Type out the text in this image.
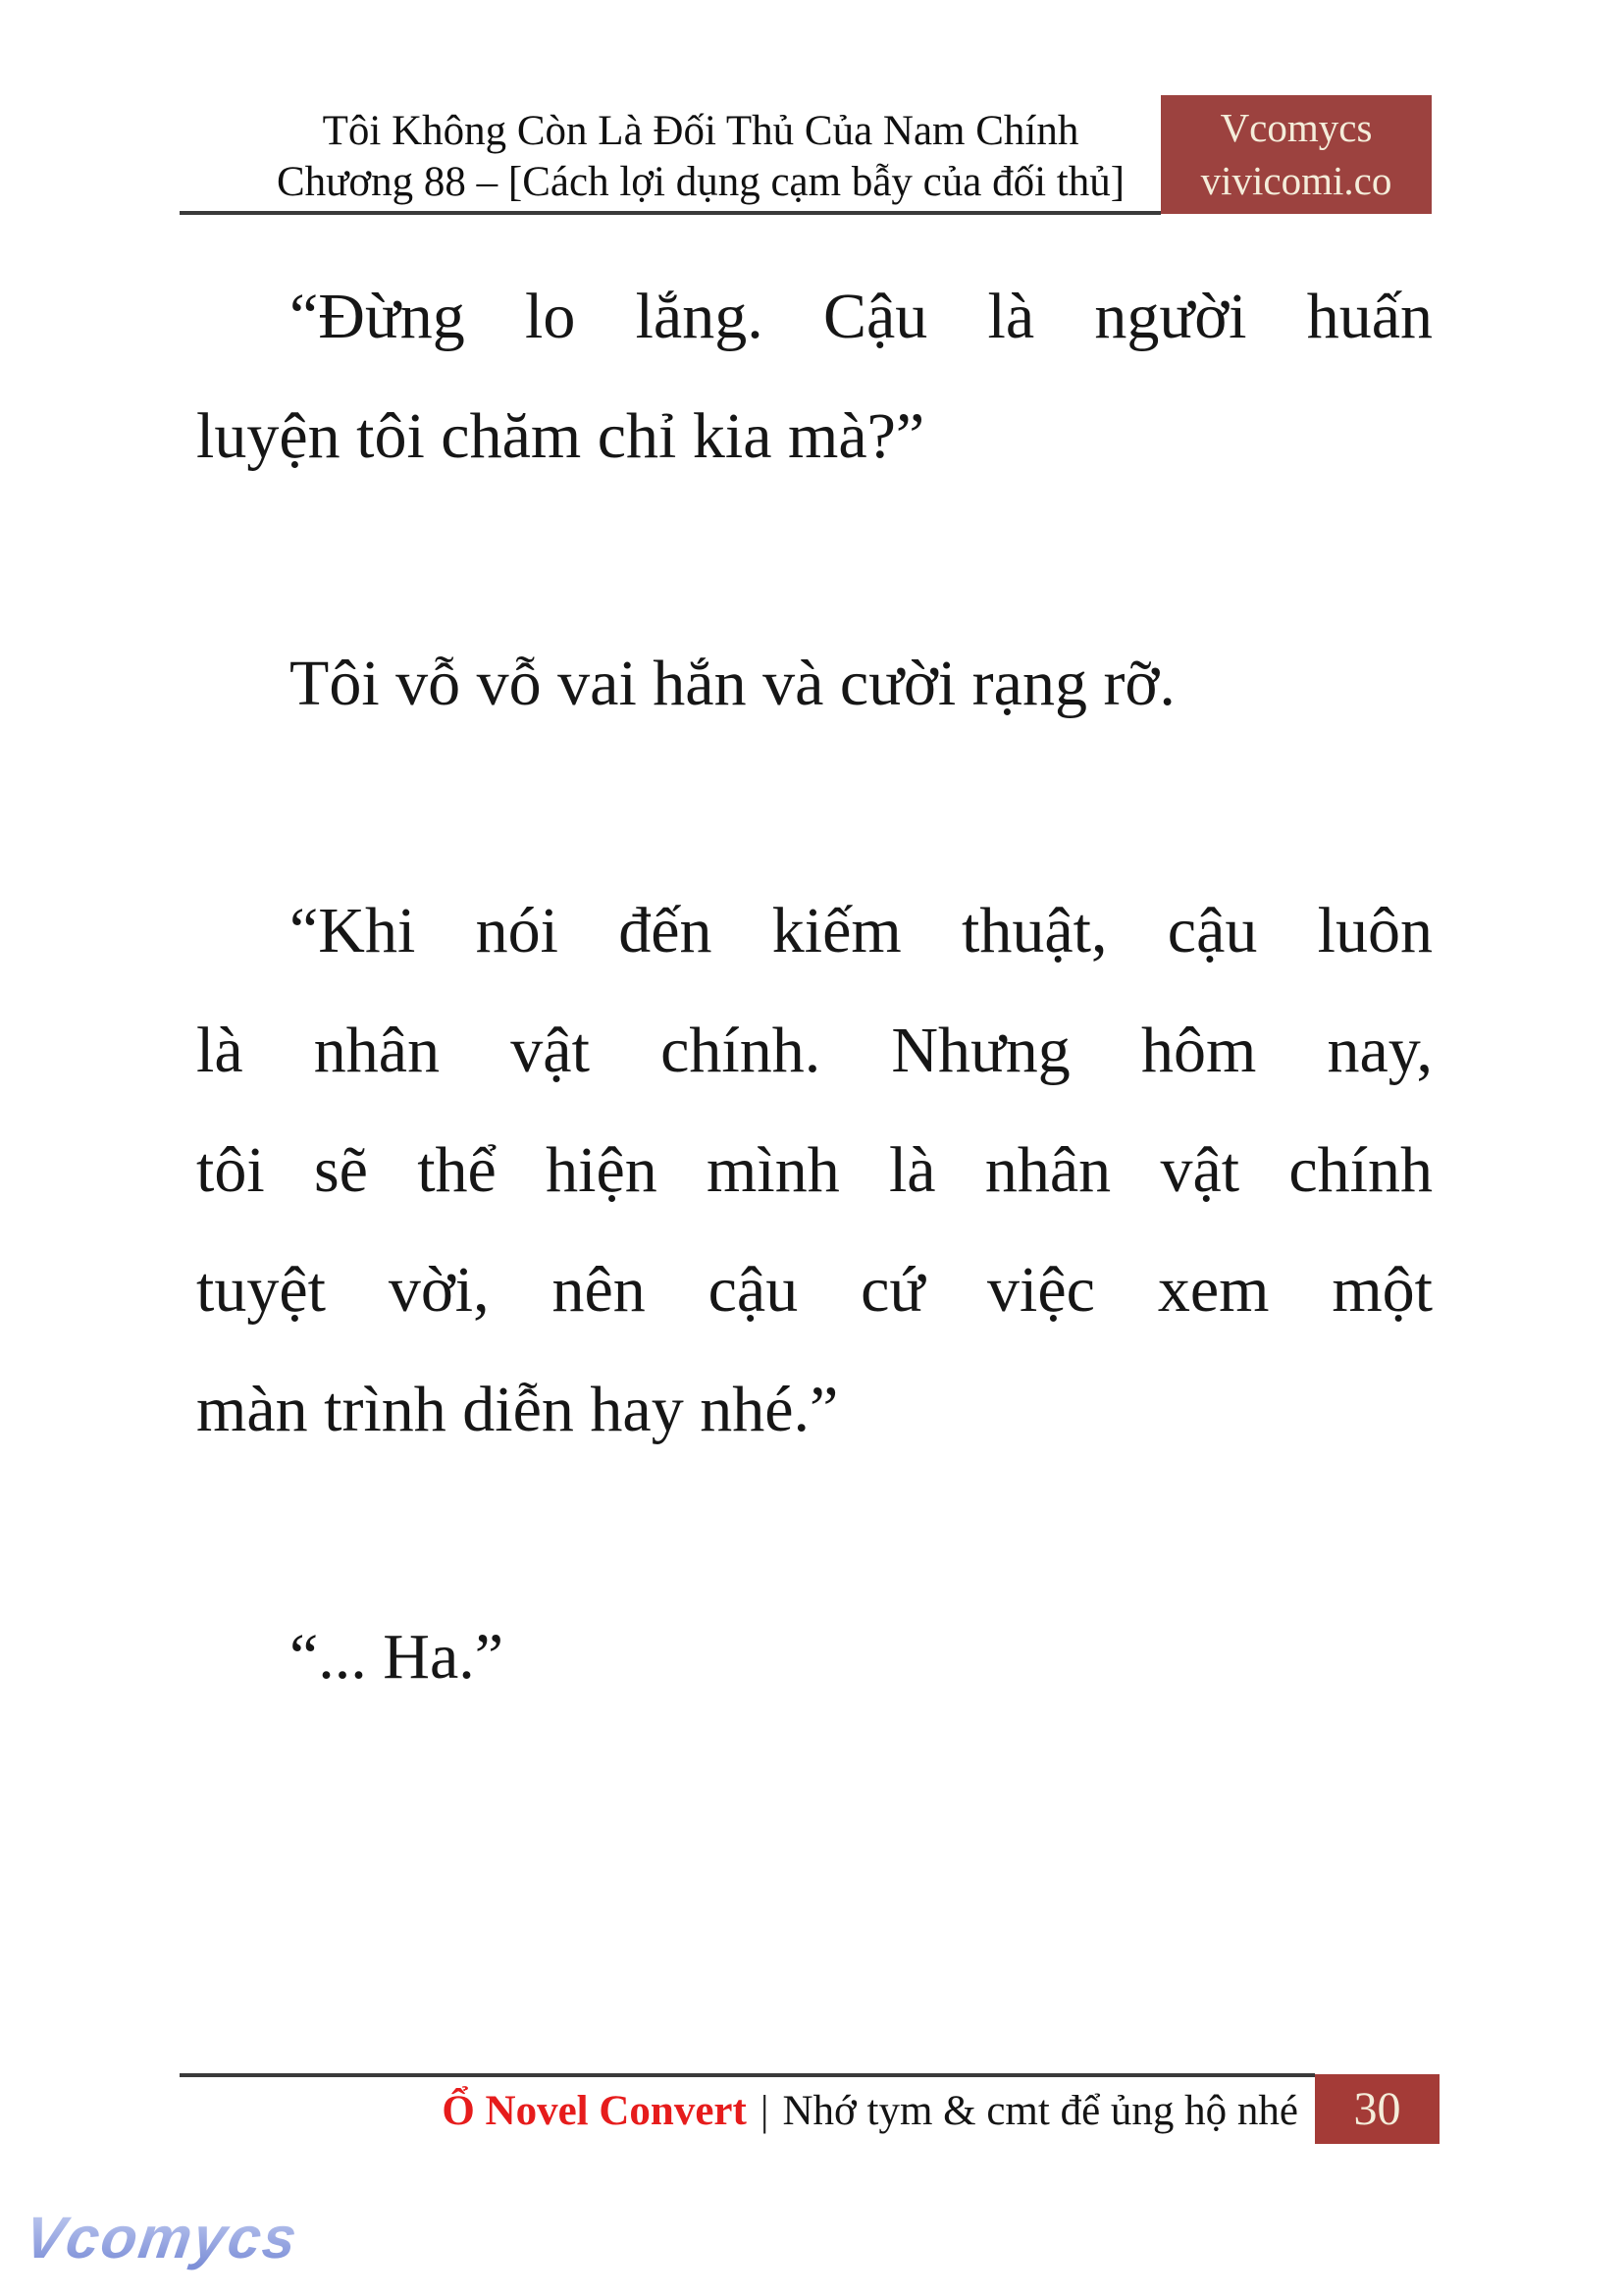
Tôi Không Còn Là Đối Thủ Của Nam Chính
Chương 88 – [Cách lợi dụng cạm bẫy của đối thủ]
Vcomycs
vivicomi.co
“Đừng lo lắng. Cậu là người huấn
luyện tôi chăm chỉ kia mà?”
Tôi vỗ vỗ vai hắn và cười rạng rỡ.
“Khi nói đến kiếm thuật, cậu luôn
là nhân vật chính. Nhưng hôm nay,
tôi sẽ thể hiện mình là nhân vật chính
tuyệt vời, nên cậu cứ việc xem một
màn trình diễn hay nhé.”
“... Ha.”
Ổ Novel Convert | Nhớ tym & cmt để ủng hộ nhé 30
Vcomycs
